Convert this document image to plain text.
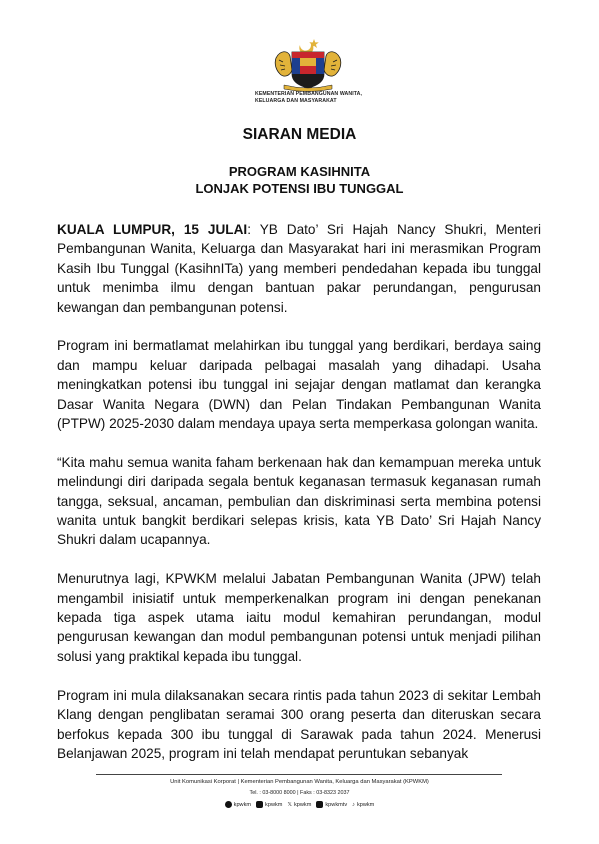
KEMENTERIAN PEMBANGUNAN WANITA,
KELUARGA DAN MASYARAKAT
SIARAN MEDIA
PROGRAM KASIHNITA
LONJAK POTENSI IBU TUNGGAL

KUALA LUMPUR, 15 JULAI: YB Dato’ Sri Hajah Nancy Shukri, Menteri Pembangunan Wanita, Keluarga dan Masyarakat hari ini merasmikan Program Kasih Ibu Tunggal (KasihnITa) yang memberi pendedahan kepada ibu tunggal untuk menimba ilmu dengan bantuan pakar perundangan, pengurusan kewangan dan pembangunan potensi.

Program ini bermatlamat melahirkan ibu tunggal yang berdikari, berdaya saing dan mampu keluar daripada pelbagai masalah yang dihadapi. Usaha meningkatkan potensi ibu tunggal ini sejajar dengan matlamat dan kerangka Dasar Wanita Negara (DWN) dan Pelan Tindakan Pembangunan Wanita (PTPW) 2025-2030 dalam mendaya upaya serta memperkasa golongan wanita.

“Kita mahu semua wanita faham berkenaan hak dan kemampuan mereka untuk melindungi diri daripada segala bentuk keganasan termasuk keganasan rumah tangga, seksual, ancaman, pembulian dan diskriminasi serta membina potensi wanita untuk bangkit berdikari selepas krisis, kata YB Dato’ Sri Hajah Nancy Shukri dalam ucapannya.

Menurutnya lagi, KPWKM melalui Jabatan Pembangunan Wanita (JPW) telah mengambil inisiatif untuk memperkenalkan program ini dengan penekanan kepada tiga aspek utama iaitu modul kemahiran perundangan, modul pengurusan kewangan dan modul pembangunan potensi untuk menjadi pilihan solusi yang praktikal kepada ibu tunggal.

Program ini mula dilaksanakan secara rintis pada tahun 2023 di sekitar Lembah Klang dengan penglibatan seramai 300 orang peserta dan diteruskan secara berfokus kepada 300 ibu tunggal di Sarawak pada tahun 2024. Menerusi Belanjawan 2025, program ini telah mendapat peruntukan sebanyak

Unit Komunikasi Korporat | Kementerian Pembangunan Wanita, Keluarga dan Masyarakat (KPWKM)
Tel. : 03-8000 8000 | Faks : 03-8323 2037
kpwkm	kpwkm 𝕏 kpwkm	kpwkmtv ♪ kpwkm
